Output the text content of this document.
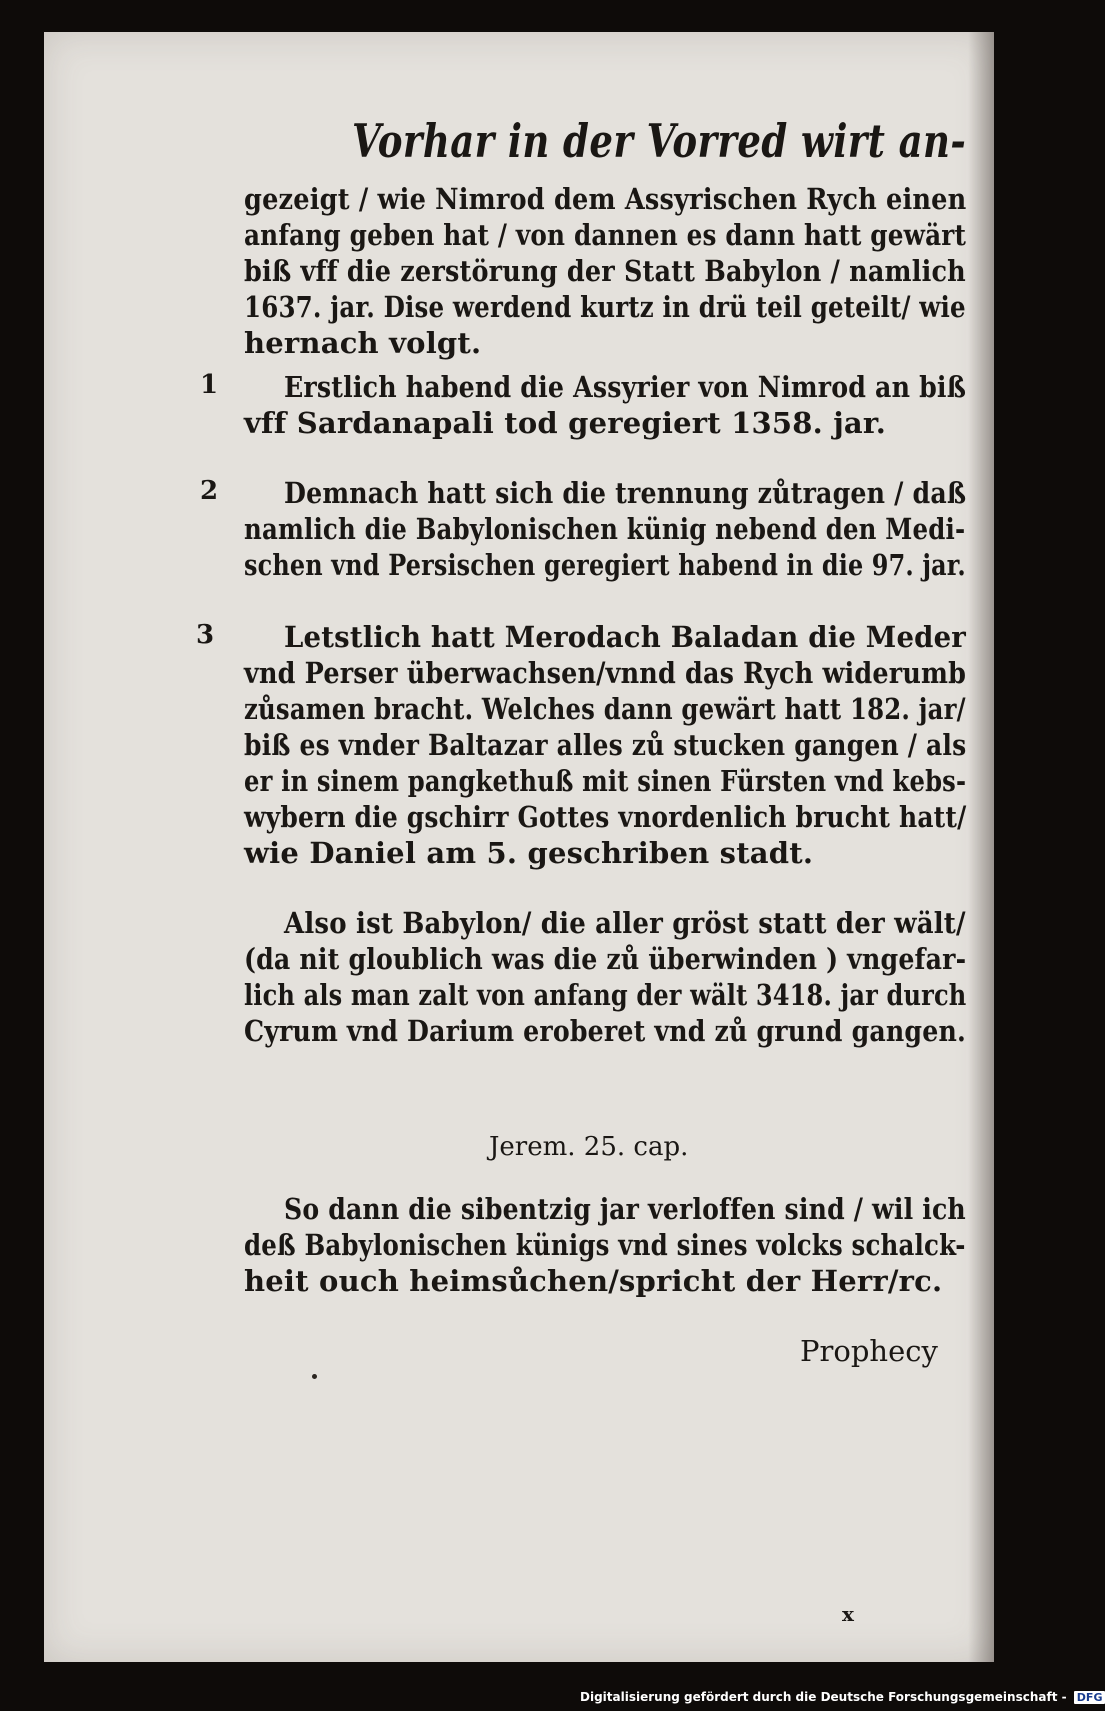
Vorhar in der Vorred wirt an-
gezeigt / wie Nimrod dem Assyrischen Rych einen
anfang geben hat / von dannen es dann hatt gewärt
biß vff die zerstörung der Statt Babylon / namlich
1637. jar. Dise werdend kurtz in drü teil geteilt/ wie
hernach volgt.
1 Erstlich habend die Assyrier von Nimrod an biß
vff Sardanapali tod geregiert 1358. jar.
2 Demnach hatt sich die trennung zůtragen / daß
namlich die Babylonischen künig nebend den Medi-
schen vnd Persischen geregiert habend in die 97. jar.
3 Letstlich hatt Merodach Baladan die Meder
vnd Perser überwachsen/vnnd das Rych widerumb
zůsamen bracht. Welches dann gewärt hatt 182. jar/
biß es vnder Baltazar alles zů stucken gangen / als
er in sinem pangkethuß mit sinen Fürsten vnd kebs-
wybern die gschirr Gottes vnordenlich brucht hatt/
wie Daniel am 5. geschriben stadt.
Also ist Babylon/ die aller gröst statt der wält/
(da nit gloublich was die zů überwinden ) vngefar-
lich als man zalt von anfang der wält 3418. jar durch
Cyrum vnd Darium eroberet vnd zů grund gangen.
Jerem. 25. cap.
So dann die sibentzig jar verloffen sind / wil ich
deß Babylonischen künigs vnd sines volcks schalck-
heit ouch heimsůchen/spricht der Herr/rc.
Prophecy
x
Digitalisierung gefördert durch die Deutsche Forschungsgemeinschaft - DFG
